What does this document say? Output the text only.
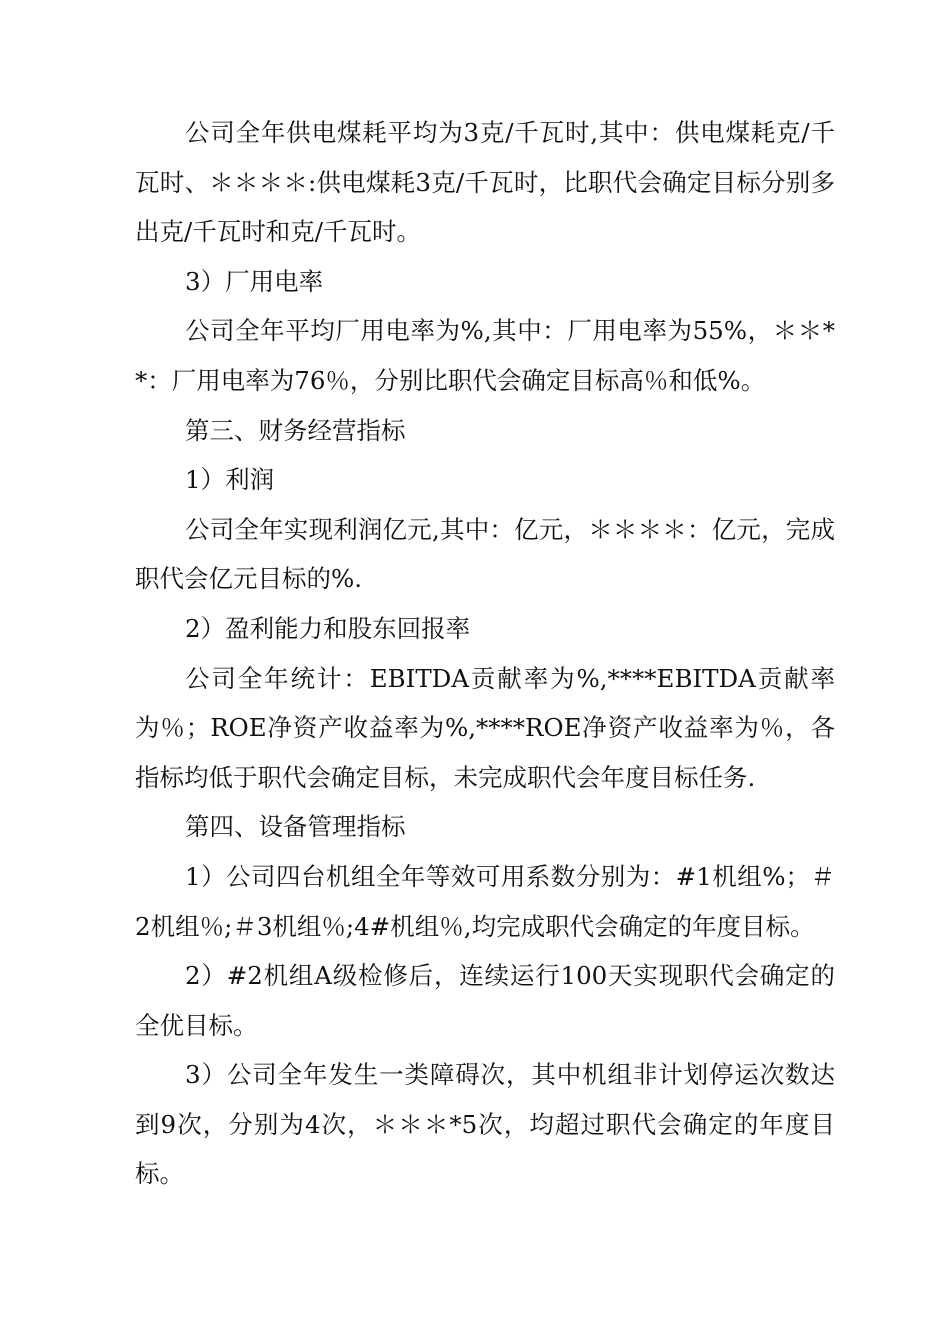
公司全年供电煤耗平均为3克/千瓦时,其中：供电煤耗克/千瓦时、＊＊＊＊:供电煤耗3克/千瓦时，比职代会确定目标分别多出克/千瓦时和克/千瓦时。

3）厂用电率

公司全年平均厂用电率为%,其中：厂用电率为55%，＊＊**：厂用电率为76％，分别比职代会确定目标高％和低%。

第三、财务经营指标

1）利润

公司全年实现利润亿元,其中：亿元，＊＊＊＊：亿元，完成职代会亿元目标的%.

2）盈利能力和股东回报率

公司全年统计：EBITDA贡献率为%,****EBITDA贡献率为％；ROE净资产收益率为%,****ROE净资产收益率为％，各指标均低于职代会确定目标，未完成职代会年度目标任务.

第四、设备管理指标

1）公司四台机组全年等效可用系数分别为：#1机组%；＃2机组％;＃3机组％;4#机组％,均完成职代会确定的年度目标。

2）#2机组A级检修后，连续运行100天实现职代会确定的全优目标。

3）公司全年发生一类障碍次，其中机组非计划停运次数达到9次，分别为4次，＊＊＊*5次，均超过职代会确定的年度目标。
